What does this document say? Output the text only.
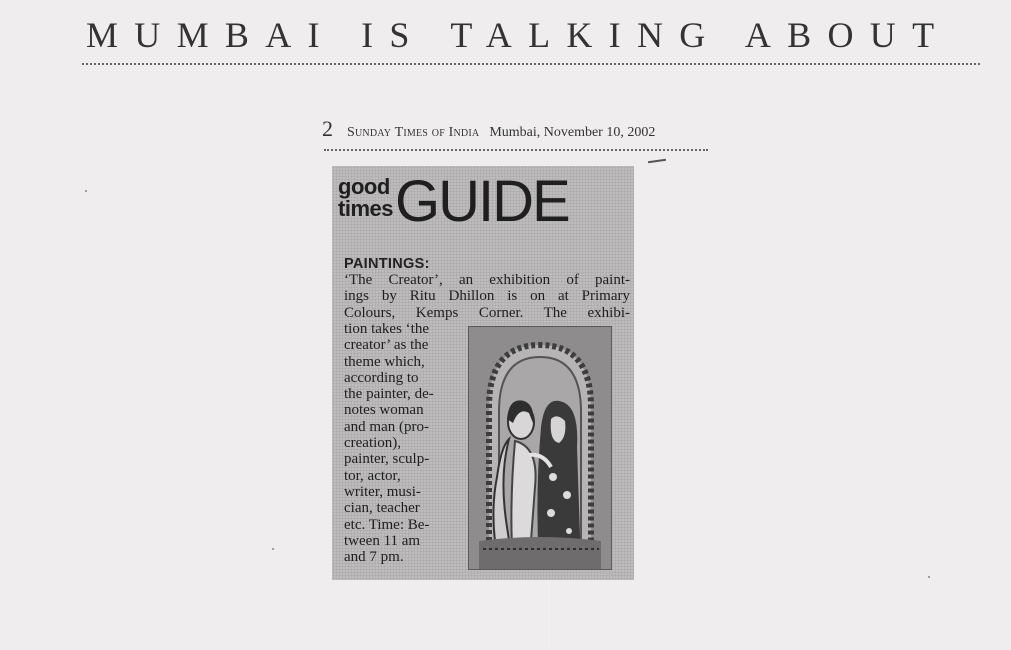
MUMBAI IS TALKING ABOUT
2 Sunday Times of India Mumbai, November 10, 2002
good
timesGUIDE
PAINTINGS:
‘The Creator’, an exhibition of paint-
ings by Ritu Dhillon is on at Primary
Colours, Kemps Corner. The exhibi-
tion takes ‘the
creator’ as the
theme which,
according to
the painter, de-
notes woman
and man (pro-
creation),
painter, sculp-
tor, actor,
writer, musi-
cian, teacher
etc. Time: Be-
tween 11 am
and 7 pm.
